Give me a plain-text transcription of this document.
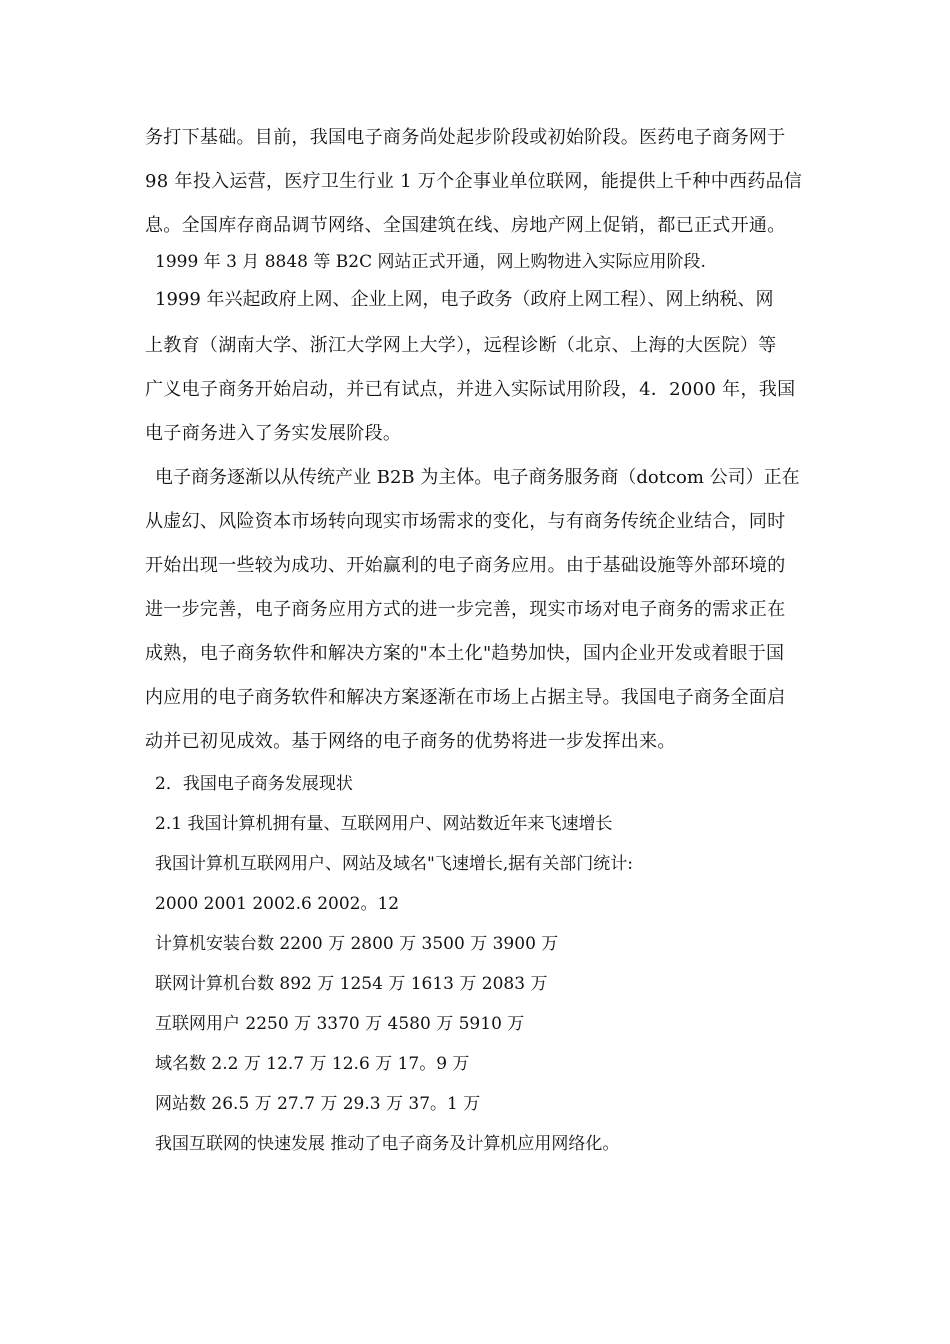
务打下基础。目前，我国电子商务尚处起步阶段或初始阶段。医药电子商务网于
98 年投入运营，医疗卫生行业 1 万个企事业单位联网，能提供上千种中西药品信
息。全国库存商品调节网络、全国建筑在线、房地产网上促销，都已正式开通。
1999 年 3 月 8848 等 B2C 网站正式开通，网上购物进入实际应用阶段.
1999 年兴起政府上网、企业上网，电子政务（政府上网工程）、网上纳税、网
上教育（湖南大学、浙江大学网上大学），远程诊断（北京、上海的大医院）等
广义电子商务开始启动，并已有试点，并进入实际试用阶段，4．2000 年，我国
电子商务进入了务实发展阶段。
电子商务逐渐以从传统产业 B2B 为主体。电子商务服务商（dotcom 公司）正在
从虚幻、风险资本市场转向现实市场需求的变化，与有商务传统企业结合，同时
开始出现一些较为成功、开始赢利的电子商务应用。由于基础设施等外部环境的
进一步完善，电子商务应用方式的进一步完善，现实市场对电子商务的需求正在
成熟，电子商务软件和解决方案的"本土化"趋势加快，国内企业开发或着眼于国
内应用的电子商务软件和解决方案逐渐在市场上占据主导。我国电子商务全面启
动并已初见成效。基于网络的电子商务的优势将进一步发挥出来。
2．我国电子商务发展现状
2.1 我国计算机拥有量、互联网用户、网站数近年来飞速增长
我国计算机互联网用户、网站及域名"飞速增长,据有关部门统计:
2000 2001 2002.6 2002。12
计算机安装台数 2200 万 2800 万 3500 万 3900 万
联网计算机台数 892 万 1254 万 1613 万 2083 万
互联网用户 2250 万 3370 万 4580 万 5910 万
域名数 2.2 万 12.7 万 12.6 万 17。9 万
网站数 26.5 万 27.7 万 29.3 万 37。1 万
我国互联网的快速发展 推动了电子商务及计算机应用网络化。
